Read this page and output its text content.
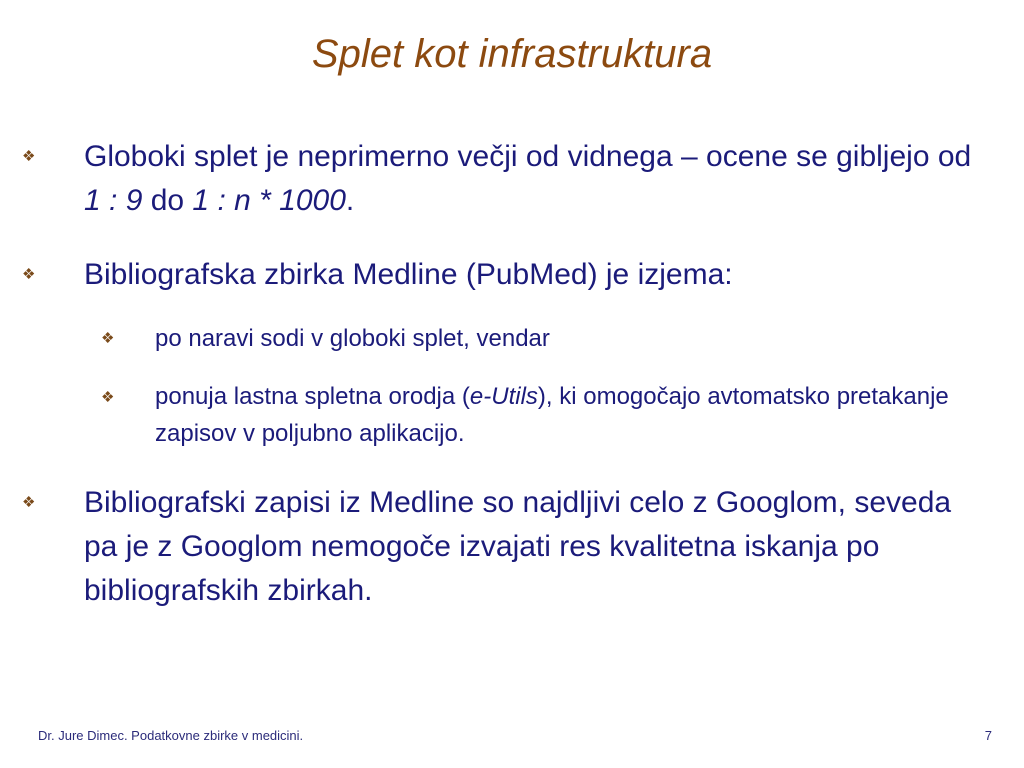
Splet kot infrastruktura
❖ Globoki splet je neprimerno večji od vidnega – ocene se gibljejo od 1 : 9 do 1 : n * 1000.
❖ Bibliografska zbirka Medline (PubMed) je izjema:
❖ po naravi sodi v globoki splet, vendar
❖ ponuja lastna spletna orodja (e-Utils), ki omogočajo avtomatsko pretakanje zapisov v poljubno aplikacijo.
❖ Bibliografski zapisi iz Medline so najdljivi celo z Googlom, seveda pa je z Googlom nemogoče izvajati res kvalitetna iskanja po bibliografskih zbirkah.
Dr. Jure Dimec. Podatkovne zbirke v medicini.	7
